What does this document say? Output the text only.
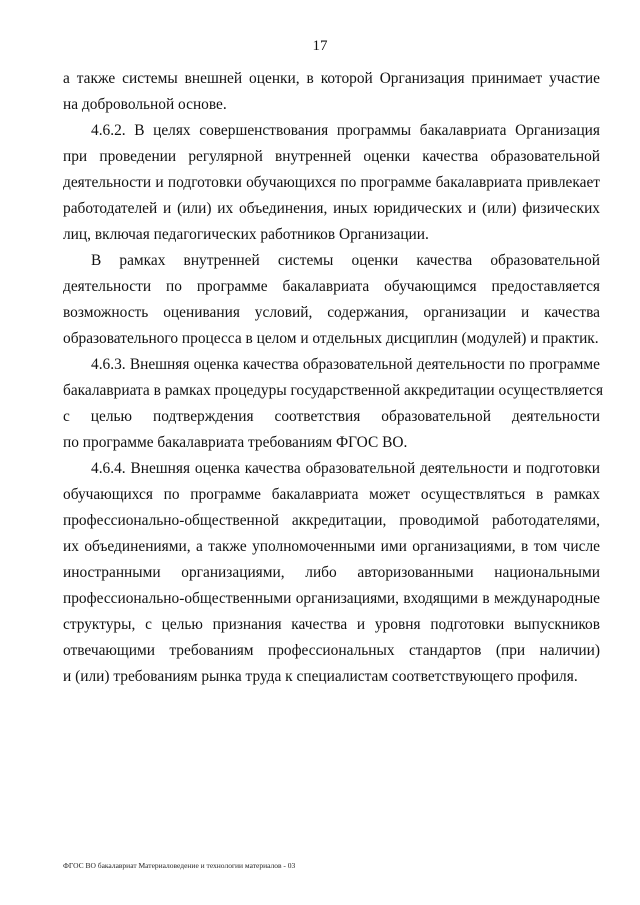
17

а также системы внешней оценки, в которой Организация принимает участие
на добровольной основе.

4.6.2. В целях совершенствования программы бакалавриата Организация
при проведении регулярной внутренней оценки качества образовательной
деятельности и подготовки обучающихся по программе бакалавриата привлекает
работодателей и (или) их объединения, иных юридических и (или) физических
лиц, включая педагогических работников Организации.

В рамках внутренней системы оценки качества образовательной
деятельности по программе бакалавриата обучающимся предоставляется
возможность оценивания условий, содержания, организации и качества
образовательного процесса в целом и отдельных дисциплин (модулей) и практик.

4.6.3. Внешняя оценка качества образовательной деятельности по программе
бакалавриата в рамках процедуры государственной аккредитации осуществляется
с целью подтверждения соответствия образовательной деятельности
по программе бакалавриата требованиям ФГОС ВО.

4.6.4. Внешняя оценка качества образовательной деятельности и подготовки
обучающихся по программе бакалавриата может осуществляться в рамках
профессионально-общественной аккредитации, проводимой работодателями,
их объединениями, а также уполномоченными ими организациями, в том числе
иностранными организациями, либо авторизованными национальными
профессионально-общественными организациями, входящими в международные
структуры, с целью признания качества и уровня подготовки выпускников
отвечающими требованиям профессиональных стандартов (при наличии)
и (или) требованиям рынка труда к специалистам соответствующего профиля.

ФГОС ВО бакалавриат Материаловедение и технологии материалов - 03
